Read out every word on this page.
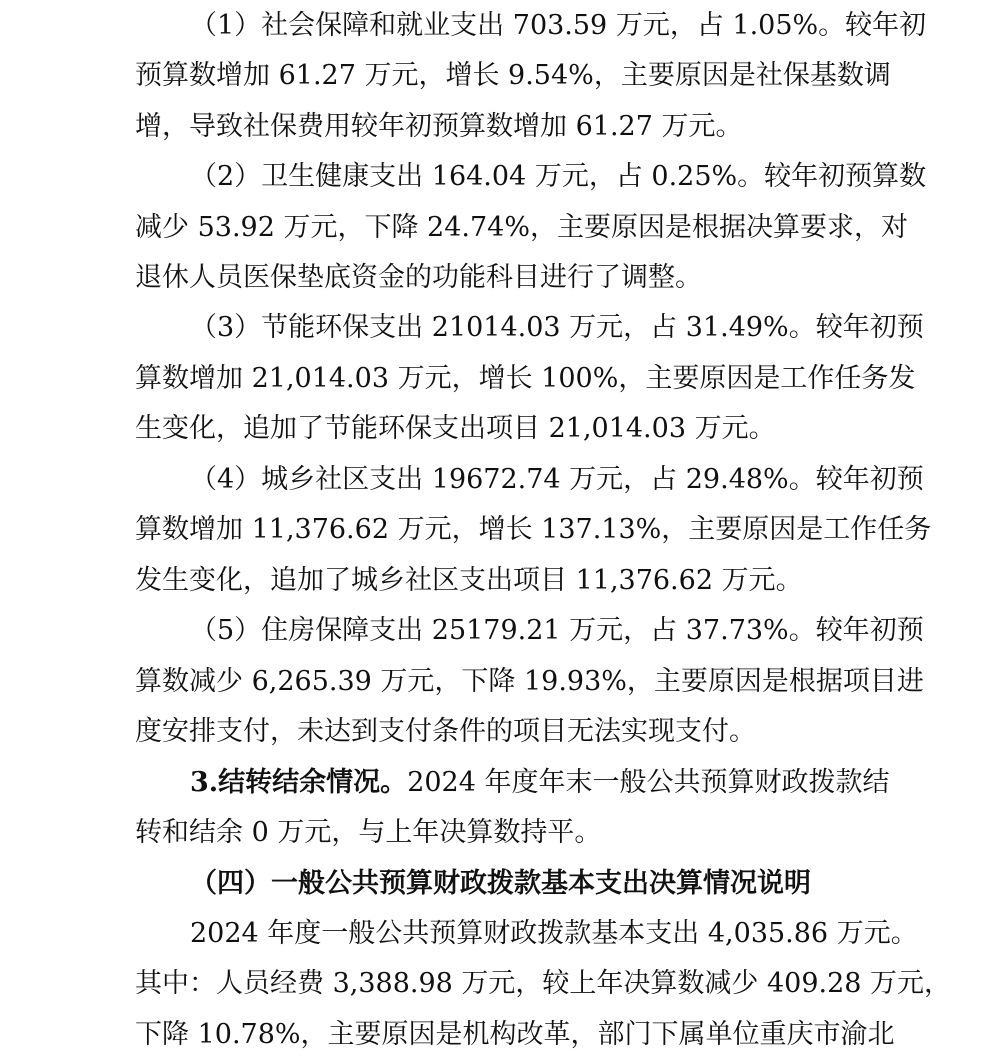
（1）社会保障和就业支出 703.59 万元，占 1.05%。较年初
预算数增加 61.27 万元，增长 9.54%，主要原因是社保基数调
增，导致社保费用较年初预算数增加 61.27 万元。
（2）卫生健康支出 164.04 万元，占 0.25%。较年初预算数
减少 53.92 万元，下降 24.74%，主要原因是根据决算要求，对
退休人员医保垫底资金的功能科目进行了调整。
（3）节能环保支出 21014.03 万元，占 31.49%。较年初预
算数增加 21,014.03 万元，增长 100%，主要原因是工作任务发
生变化，追加了节能环保支出项目 21,014.03 万元。
（4）城乡社区支出 19672.74 万元，占 29.48%。较年初预
算数增加 11,376.62 万元，增长 137.13%，主要原因是工作任务
发生变化，追加了城乡社区支出项目 11,376.62 万元。
（5）住房保障支出 25179.21 万元，占 37.73%。较年初预
算数减少 6,265.39 万元，下降 19.93%，主要原因是根据项目进
度安排支付，未达到支付条件的项目无法实现支付。
3.结转结余情况。2024 年度年末一般公共预算财政拨款结
转和结余 0 万元，与上年决算数持平。
（四）一般公共预算财政拨款基本支出决算情况说明
2024 年度一般公共预算财政拨款基本支出 4,035.86 万元。
其中：人员经费 3,388.98 万元，较上年决算数减少 409.28 万元，
下降 10.78%，主要原因是机构改革，部门下属单位重庆市渝北
